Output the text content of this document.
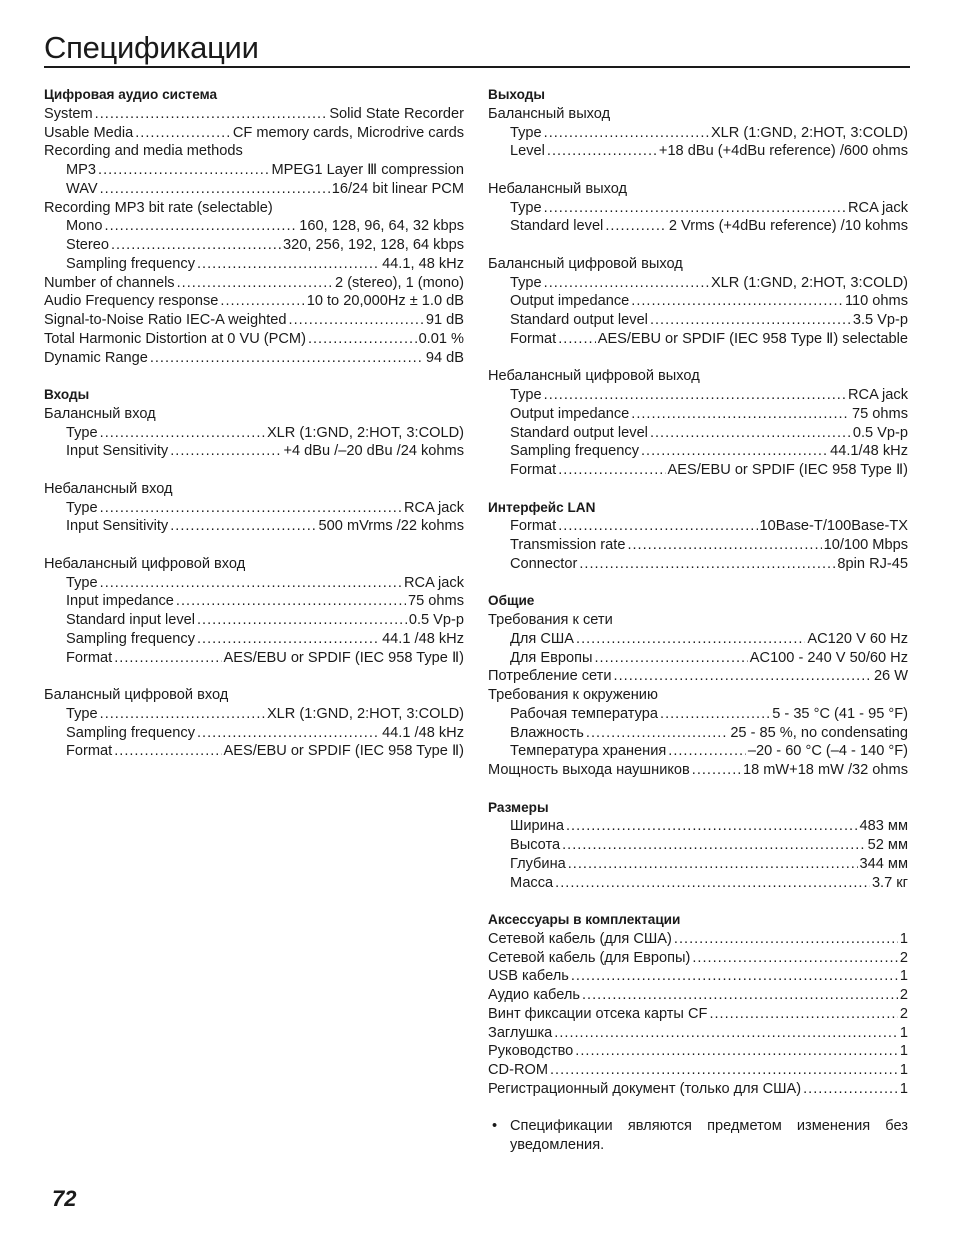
Спецификации
Цифровая аудио система
System .....	Solid State Recorder
Usable Media .....	CF memory cards, Microdrive cards
Recording and media methods
MP3 .....	MPEG1 Layer Ⅲ compression
WAV .....	16/24 bit linear PCM
Recording MP3 bit rate (selectable)
Mono .....	160, 128, 96, 64, 32 kbps
Stereo .....	320, 256, 192, 128, 64 kbps
Sampling frequency .....	44.1, 48 kHz
Number of channels .....	2 (stereo), 1 (mono)
Audio Frequency response .....	10 to 20,000Hz ± 1.0 dB
Signal-to-Noise Ratio IEC-A weighted .....	91 dB
Total Harmonic Distortion at 0 VU (PCM) .....	0.01 %
Dynamic Range .....	94 dB
Входы
Балансный вход
Type .....	XLR (1:GND, 2:HOT, 3:COLD)
Input Sensitivity .....	+4 dBu /–20 dBu /24 kohms
Небалансный вход
Type .....	RCA jack
Input Sensitivity .....	500 mVrms /22 kohms
Небалансный цифровой вход
Type .....	RCA jack
Input impedance .....	75 ohms
Standard input level .....	0.5 Vp-p
Sampling frequency .....	44.1 /48 kHz
Format .....	AES/EBU or SPDIF (IEC 958 Type Ⅱ)
Балансный цифровой вход
Type .....	XLR (1:GND, 2:HOT, 3:COLD)
Sampling frequency .....	44.1 /48 kHz
Format .....	AES/EBU or SPDIF (IEC 958 Type Ⅱ)
Выходы
Балансный выход
Type .....	XLR (1:GND, 2:HOT, 3:COLD)
Level .....	+18 dBu (+4dBu reference) /600 ohms
Небалансный выход
Type .....	RCA jack
Standard level .....	2 Vrms (+4dBu reference) /10 kohms
Балансный цифровой выход
Type .....	XLR (1:GND, 2:HOT, 3:COLD)
Output impedance .....	110 ohms
Standard output level .....	3.5 Vp-p
Format .....	AES/EBU or SPDIF (IEC 958 Type Ⅱ) selectable
Небалансный цифровой выход
Type .....	RCA jack
Output impedance .....	75 ohms
Standard output level .....	0.5 Vp-p
Sampling frequency .....	44.1/48 kHz
Format .....	AES/EBU or SPDIF (IEC 958 Type Ⅱ)
Интерфейс LAN
Format .....	10Base-T/100Base-TX
Transmission rate .....	10/100 Mbps
Connector .....	8pin RJ-45
Общие
Требования к сети
Для США .....	AC120 V 60 Hz
Для Европы .....	AC100 - 240 V 50/60 Hz
Потребление сети .....	26 W
Требования к окружению
Рабочая температура .....	5 - 35 °C (41 - 95 °F)
Влажность .....	25 - 85 %, no condensating
Температура хранения .....	–20 - 60 °C (–4 - 140 °F)
Мощность выхода наушников .....	18 mW+18 mW /32 ohms
Размеры
Ширина .....	483 мм
Высота .....	52 мм
Глубина .....	344 мм
Масса .....	3.7 кг
Аксессуары в комплектации
Сетевой кабель (для США) .....	1
Сетевой кабель (для Европы) .....	2
USB кабель .....	1
Аудио кабель .....	2
Винт фиксации отсека карты CF .....	2
Заглушка .....	1
Руководство .....	1
CD-ROM .....	1
Регистрационный документ (только для США) .....	1
• Спецификации являются предметом изменения без уведомления.
72
